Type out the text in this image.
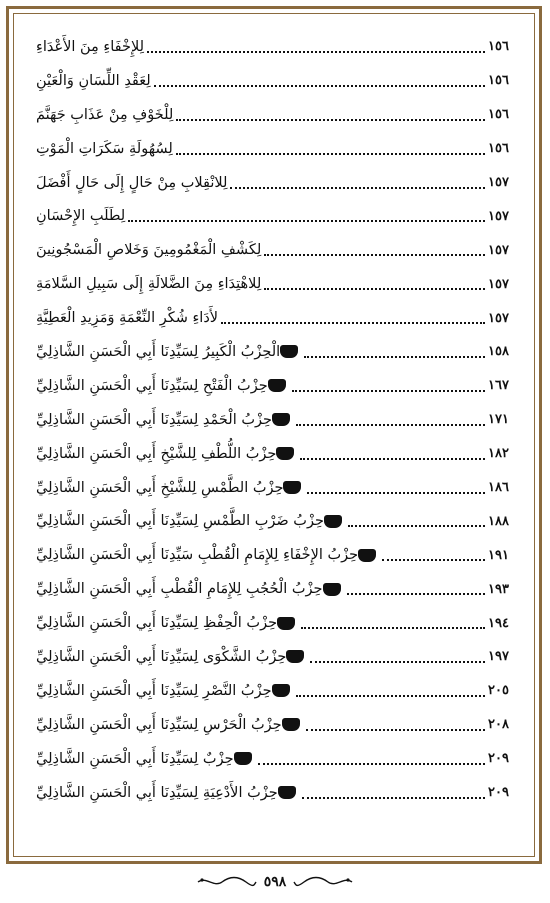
لِلإِخْفَاءِ مِنَ الأَعْدَاءِ	١٥٦
لِعَقْدِ اللِّسَانِ وَالْعَيْنِ	١٥٦
لِلْخَوْفِ مِنْ عَذَابِ جَهَنَّمَ	١٥٦
لِسُهُولَةِ سَكَرَاتِ الْمَوْتِ	١٥٦
لِلانْقِلابِ مِنْ حَالٍ إِلَى حَالٍ أَفْضَلَ	١٥٧
لِطَلَبِ الإِحْسَانِ	١٥٧
لِكَشْفِ الْمَغْمُومِينَ وَخَلاصِ الْمَسْجُونِينَ	١٥٧
لِلاهْتِدَاءِ مِنَ الضَّلالَةِ إِلَى سَبِيلِ السَّلامَةِ	١٥٧
لأَدَاءِ شُكْرِ النِّعْمَةِ وَمَزِيدِ الْعَطِيَّةِ	١٥٧
الْحِزْبُ الْكَبِيرُ لِسَيِّدِنَا أَبِي الْحَسَنِ الشَّاذِلِيِّ	١٥٨
حِزْبُ الْفَتْحِ لِسَيِّدِنَا أَبِي الْحَسَنِ الشَّاذِلِيِّ	١٦٧
حِزْبُ الْحَمْدِ لِسَيِّدِنَا أَبِي الْحَسَنِ الشَّاذِلِيِّ	١٧١
حِزْبُ اللُّطْفِ لِلشَّيْخِ أَبِي الْحَسَنِ الشَّاذِلِيِّ	١٨٢
حِزْبُ الطَّمْسِ لِلشَّيْخِ أَبِي الْحَسَنِ الشَّاذِلِيِّ	١٨٦
حِزْبُ ضَرْبِ الطَّمْسِ لِسَيِّدِنَا أَبِي الْحَسَنِ الشَّاذِلِيِّ	١٨٨
حِزْبُ الإِخْفَاءِ لِلإِمَامِ الْقُطْبِ سَيِّدِنَا أَبِي الْحَسَنِ الشَّاذِلِيِّ	١٩١
حِزْبُ الْحُجُبِ لِلإِمَامِ الْقُطْبِ أَبِي الْحَسَنِ الشَّاذِلِيِّ	١٩٣
حِزْبُ الْحِفْظِ لِسَيِّدِنَا أَبِي الْحَسَنِ الشَّاذِلِيِّ	١٩٤
حِزْبُ الشَّكْوَى لِسَيِّدِنَا أَبِي الْحَسَنِ الشَّاذِلِيِّ	١٩٧
حِزْبُ النَّصْرِ لِسَيِّدِنَا أَبِي الْحَسَنِ الشَّاذِلِيِّ	٢٠٥
حِزْبُ الْحَرْسِ لِسَيِّدِنَا أَبِي الْحَسَنِ الشَّاذِلِيِّ	٢٠٨
حِزْبٌ لِسَيِّدِنَا أَبِي الْحَسَنِ الشَّاذِلِيِّ	٢٠٩
حِزْبُ الأَدْعِيَةِ لِسَيِّدِنَا أَبِي الْحَسَنِ الشَّاذِلِيِّ	٢٠٩
٥٩٨
